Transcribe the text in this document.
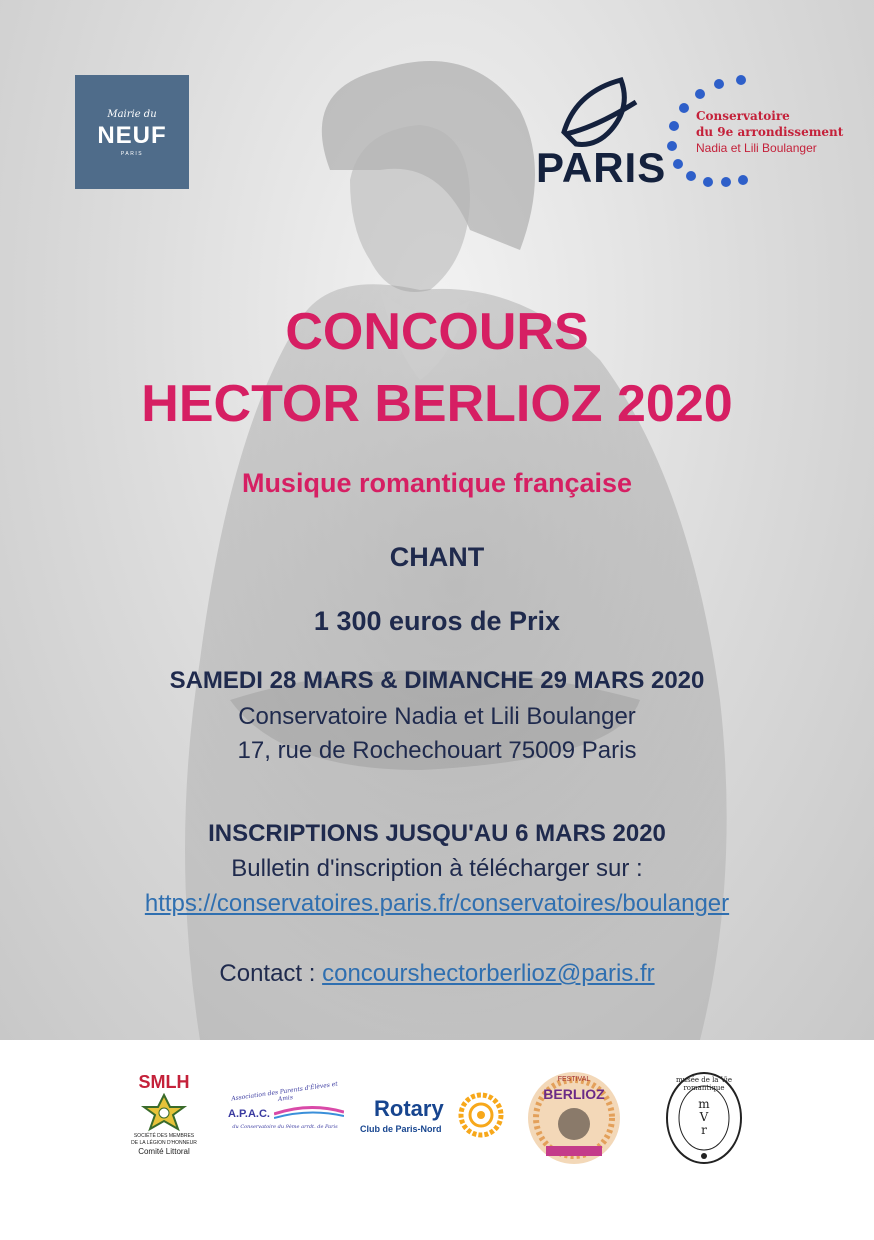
Mairie du
NEUF
PARIS	PARIS
Conservatoire
du 9e arrondissement
Nadia et Lili Boulanger
CONCOURS
HECTOR BERLIOZ 2020
Musique romantique française
CHANT
1 300 euros de Prix
SAMEDI 28 MARS & DIMANCHE 29 MARS 2020
Conservatoire Nadia et Lili Boulanger
17, rue de Rochechouart 75009 Paris
INSCRIPTIONS JUSQU'AU 6 MARS 2020
Bulletin d'inscription à télécharger sur :
https://conservatoires.paris.fr/conservatoires/boulanger
Contact : concourshectorberlioz@paris.fr
SMLH
SOCIÉTÉ DES MEMBRES
DE LA LÉGION D'HONNEUR
Comité Littoral
Association des Parents d'Élèves et Amis
A.P.A.C.
du Conservatoire du 9ème arrdt. de Paris
Rotary
Club de Paris-Nord
FESTIVAL
BERLIOZ
m
V
r
musée de la Vie romantique
